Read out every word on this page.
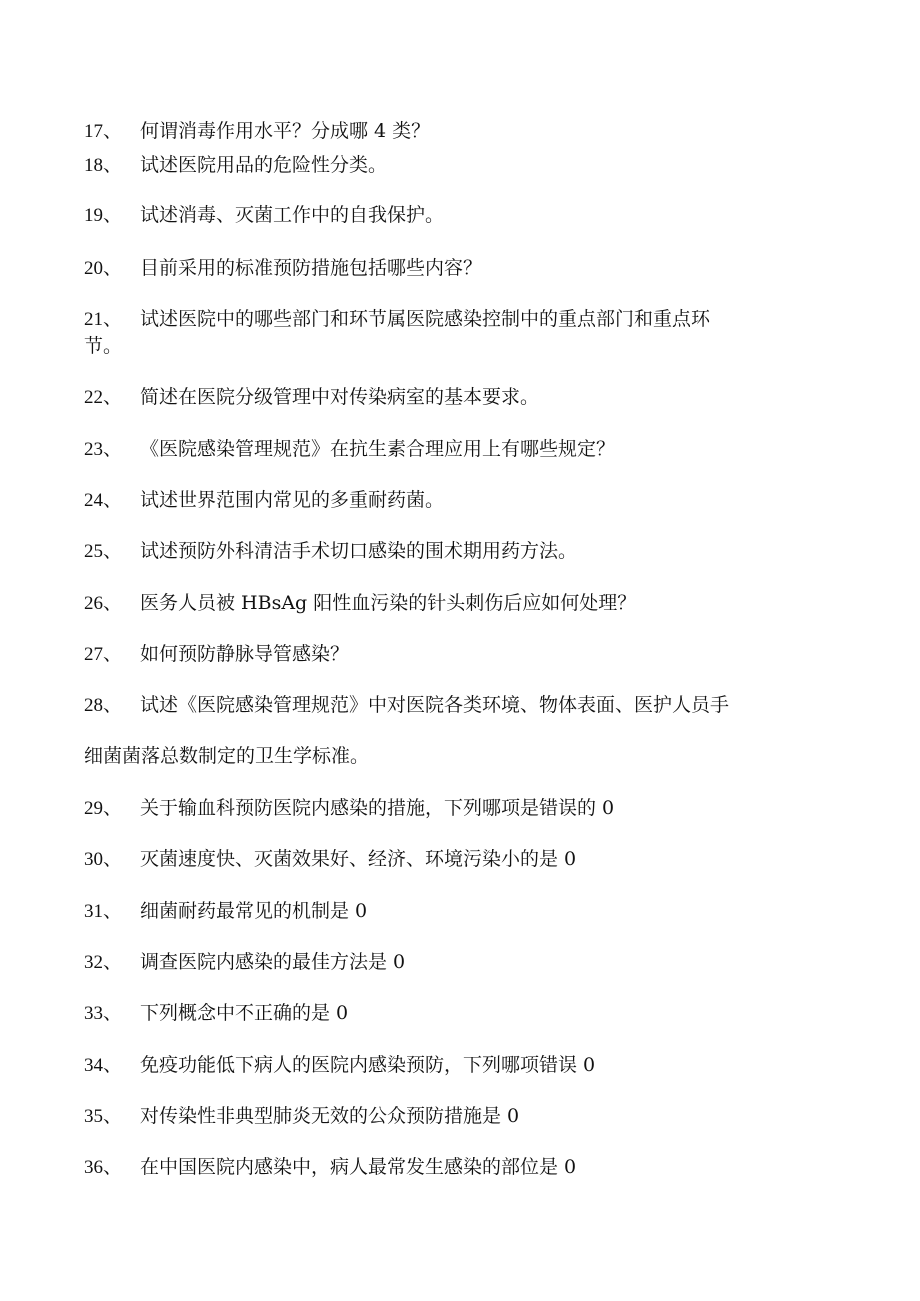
17、 何谓消毒作用水平？分成哪 4 类？
18、 试述医院用品的危险性分类。
19、 试述消毒、灭菌工作中的自我保护。
20、 目前采用的标准预防措施包括哪些内容？
21、 试述医院中的哪些部门和环节属医院感染控制中的重点部门和重点环
节。
22、 简述在医院分级管理中对传染病室的基本要求。
23、 《医院感染管理规范》在抗生素合理应用上有哪些规定？
24、 试述世界范围内常见的多重耐药菌。
25、 试述预防外科清洁手术切口感染的围术期用药方法。
26、 医务人员被 HBsAg 阳性血污染的针头刺伤后应如何处理？
27、 如何预防静脉导管感染？
28、 试述《医院感染管理规范》中对医院各类环境、物体表面、医护人员手
细菌菌落总数制定的卫生学标准。
29、 关于输血科预防医院内感染的措施，下列哪项是错误的 0
30、 灭菌速度快、灭菌效果好、经济、环境污染小的是 0
31、 细菌耐药最常见的机制是 0
32、 调查医院内感染的最佳方法是 0
33、 下列概念中不正确的是 0
34、 免疫功能低下病人的医院内感染预防，下列哪项错误 0
35、 对传染性非典型肺炎无效的公众预防措施是 0
36、 在中国医院内感染中，病人最常发生感染的部位是 0
